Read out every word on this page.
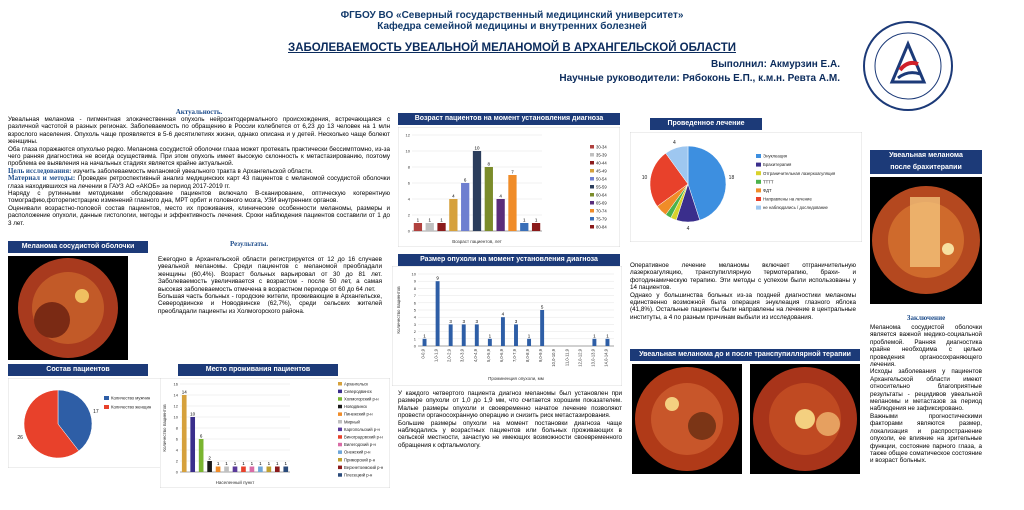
ФГБОУ ВО «Северный государственный медицинский университет»
Кафедра семейной медицины и внутренних болезней
ЗАБОЛЕВАЕМОСТЬ УВЕАЛЬНОЙ МЕЛАНОМОЙ В АРХАНГЕЛЬСКОЙ ОБЛАСТИ
Выполнил: Акмурзин Е.А.
Научные руководители: Рябоконь Е.П., к.м.н. Ревта А.М.
Актуальность.
Увеальная меланома - пигментная злокачественная опухоль нейроэктодермального происхождения, встречающаяся с различной частотой в разных регионах. Заболеваемость по обращению в России колеблется от 6,23 до 13 человек на 1 млн взрослого населения. Опухоль чаще проявляется в 5-6 десятилетиях жизни, однако описана и у детей. Несколько чаще болеют женщины.
Оба глаза поражаются опухолью редко. Меланома сосудистой оболочки глаза может протекать практически бессимптомно, из-за чего ранняя диагностика не всегда осуществима. При этом опухоль имеет высокую склонность к метастазированию, поэтому проблема ее выявления на начальных стадиях является крайне актуальной.
Цель исследования: изучить заболеваемость меланомой увеального тракта в Архангельской области.
Материал и методы: Проведен ретроспективный анализ медицинских карт 43 пациентов с меланомой сосудистой оболочки глаза находившихся на лечении в ГАУЗ АО «АКОБ» за период 2017-2019 гг.
Наряду с рутинными методиками обследование пациентов включало В-сканирование, оптическую когерентную томографию,фоторегистрацию изменений глазного дна, МРТ орбит и головного мозга, УЗИ внутренних органов.
Оценивали возрастно-половой состав пациентов, место их проживания, клинические особенности меланомы, размеры и расположение опухоли, данные гистологии, методы и эффективность лечения. Сроки наблюдения пациентов составили от 1 до 3 лет.
Меланома сосудистой оболочки	Результаты.
Ежегодно в Архангельской области регистрируется от 12 до 16 случаев увеальной меланомы. Среди пациентов с меланомой преобладали женщины (60,4%). Возраст больных варьировал от 30 до 81 лет. Заболеваемость увеличивается с возрастом - после 50 лет, а самая высокая заболеваемость отмечена в возрастном периоде от 60 до 64 лет.
Большая часть больных - городские жители, проживающие в Архангельске, Северодвинске и Новодвинске (62,7%), среди сельских жителей преобладали пациенты из Холмогорского района.
Состав пациентов
17
26
Количество мужчин
Количество женщин
Место проживания пациентов
0
2
4
6
8
10
12
14
16
14
10
6
2
1 1 1 1 1 1 1 1 1
Населенный пункт
Количество пациентов
Архангельск
Северодвинск
Холмогорский р-н
Новодвинск
Пинежский р-н
Мирный
Каргопольский р-н
Виноградовский р-н
Вилегодский р-н
Онежский р-н
Приморский р-н
Верхнетоемский р-н
Плесецкий р-н
Возраст пациентов на момент установления диагноза
0
2
4
6
8
10
12
1 1 1
4
6
10
8
4
7
1 1
Возраст пациентов, лет
30-34
35-39
40-44
45-49
50-54
55-59
60-64
65-69
70-74
75-79
80-84
Размер опухоли на момент установления диагноза
0
1
2
3
4
5
6
7
8
9
10
1
0-0,9
9
1,0-1,9
3
2,0-2,9
3
3,0-3,9
3
4,0-4,9
1
5,0-5,9
4
6,0-6,9
3
7,0-7,9
1
8,0-8,9
5
9,0-9,9 10,0-10,9 11,0-11,9 12,0-12,9
1
13,0-13,9
1
14,0-14,9
Проминенция опухоли, мм
Количество пациентов
У каждого четвертого пациента диагноз меланомы был установлен при размере опухоли от 1,0 до 1,9 мм, что считается хорошим показателем. Малые размеры опухоли и своевременно начатое лечение позволяют провести органосохранную операцию и снизить риск метастазирования.
Большие размеры опухоли на момент постановки диагноза чаще наблюдались у возрастных пациентов или больных проживающих в сельской местности, зачастую не имеющих возможности своевременного обращения к офтальмологу.
Проведенное лечение
18
4
10
4
Энуклеация
Брахитерапия
Отграничительная лазеркоагуляция
ТТТТ
ФДТ
Направлены на лечение
не наблюдались / доследование
Оперативное лечение меланомы включает отграничительную лазеркоагуляцию, транспупиллярную термотерапию, брахи- и фотодинамическую терапию. Эти методы с успехом были использованы у 14 пациентов.
Однако у большинства больных из-за поздней диагностики меланомы единственно возможной была операция энуклеация глазного яблока (41,8%). Остальные пациенты были направлены на лечение в центральные институты, а 4 по разным причинам выбыли из исследования.
Увеальная меланома
после брахитерапии
Заключение
Меланома сосудистой оболочки является важной медико-социальной проблемой. Ранняя диагностика крайне необходима с целью проведения органосохраняющего лечения.
Исходы заболевания у пациентов Архангельской области имеют относительно благоприятные результаты - рецидивов увеальной меланомы и метастазов за период наблюдения не зафиксировано.
Важными прогностическими факторами являются размер, локализация и распространение опухоли, ее влияние на зрительные функции, состояние парного глаза, а также общее соматическое состояние и возраст больных.
Увеальная меланома до и после транспупиллярной терапии
